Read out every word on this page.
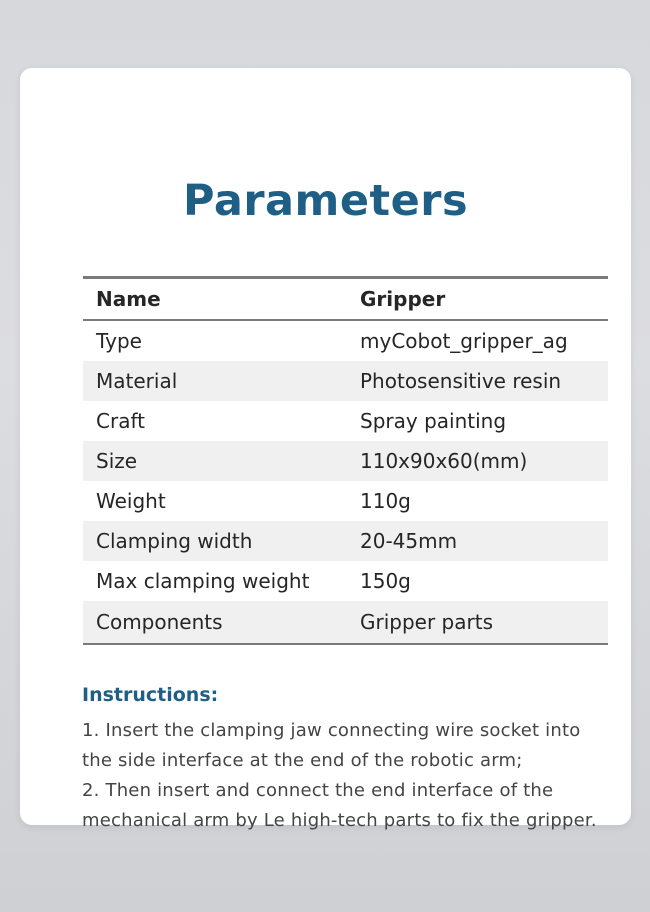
Parameters
Name	Gripper
Type	myCobot_gripper_ag
Material	Photosensitive resin
Craft	Spray painting
Size	110x90x60(mm)
Weight	110g
Clamping width	20-45mm
Max clamping weight	150g
Components	Gripper parts
Instructions:
1. Insert the clamping jaw connecting wire socket into
the side interface at the end of the robotic arm;
2. Then insert and connect the end interface of the
mechanical arm by Le high-tech parts to fix the gripper.
